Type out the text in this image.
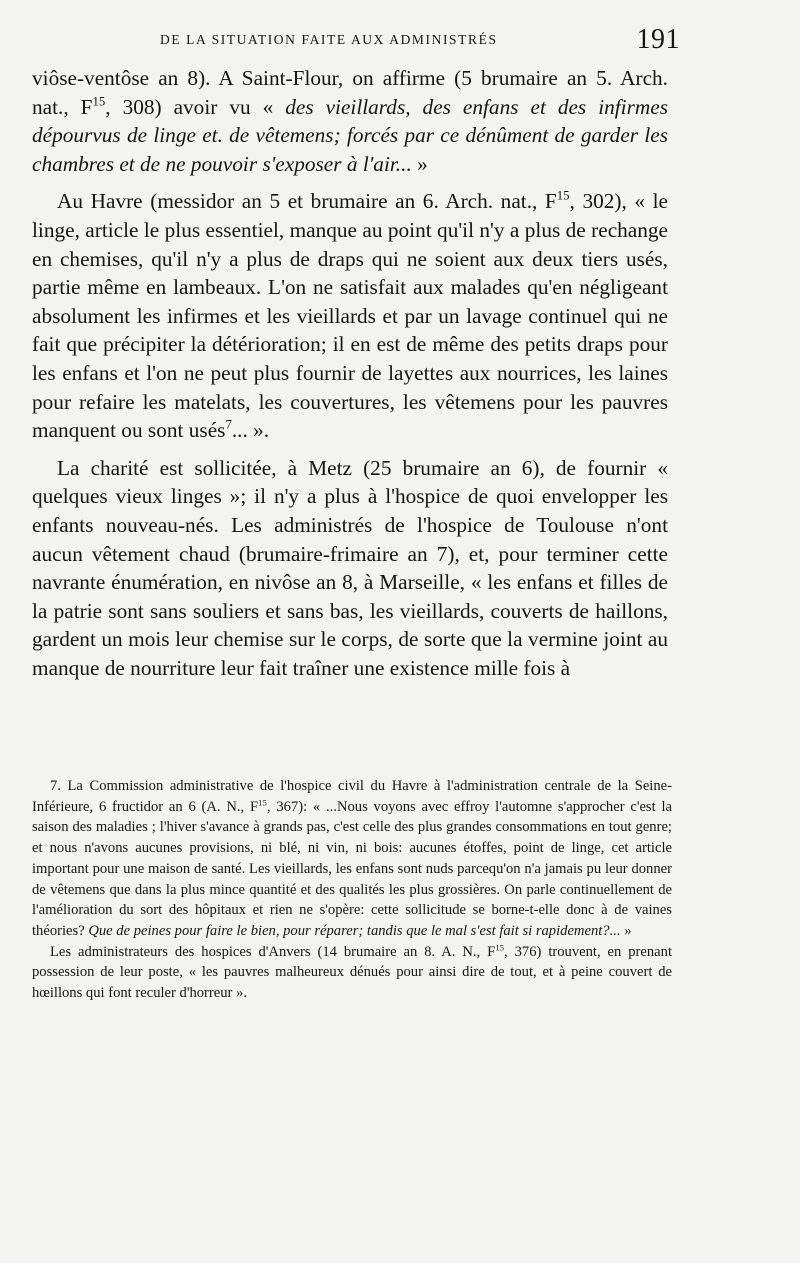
DE LA SITUATION FAITE AUX ADMINISTRÉS	191

viôse-ventôse an 8). A Saint-Flour, on affirme (5 brumaire an 5. Arch. nat., $F^{15}$, 308) avoir vu « des vieillards, des enfans et des infirmes dépourvus de linge et. de vêtemens; forcés par ce dénûment de garder les chambres et de ne pouvoir s'exposer à l'air... »

Au Havre (messidor an 5 et brumaire an 6. Arch. nat., $F^{15}$, 302), « le linge, article le plus essentiel, manque au point qu'il n'y a plus de rechange en chemises, qu'il n'y a plus de draps qui ne soient aux deux tiers usés, partie même en lambeaux. L'on ne satisfait aux malades qu'en négligeant absolument les infirmes et les vieillards et par un lavage continuel qui ne fait que précipiter la détérioration; il en est de même des petits draps pour les enfans et l'on ne peut plus fournir de layettes aux nourrices, les laines pour refaire les matelats, les couvertures, les vêtemens pour les pauvres manquent ou sont usés$^7$... ».

La charité est sollicitée, à Metz (25 brumaire an 6), de fournir « quelques vieux linges »; il n'y a plus à l'hospice de quoi envelopper les enfants nouveau-nés. Les administrés de l'hospice de Toulouse n'ont aucun vêtement chaud (brumaire-frimaire an 7), et, pour terminer cette navrante énumération, en nivôse an 8, à Marseille, « les enfans et filles de la patrie sont sans souliers et sans bas, les vieillards, couverts de haillons, gardent un mois leur chemise sur le corps, de sorte que la vermine joint au manque de nourriture leur fait traîner une existence mille fois à

7. La Commission administrative de l'hospice civil du Havre à l'administration centrale de la Seine-Inférieure, 6 fructidor an 6 (A. N., $F^{15}$, 367): « ...Nous voyons avec effroy l'automne s'approcher c'est la saison des maladies ; l'hiver s'avance à grands pas, c'est celle des plus grandes consommations en tout genre; et nous n'avons aucunes provisions, ni blé, ni vin, ni bois: aucunes étoffes, point de linge, cet article important pour une maison de santé. Les vieillards, les enfans sont nuds parcequ'on n'a jamais pu leur donner de vêtemens que dans la plus mince quantité et des qualités les plus grossières. On parle continuellement de l'amélioration du sort des hôpitaux et rien ne s'opère: cette sollicitude se borne-t-elle donc à de vaines théories? Que de peines pour faire le bien, pour réparer; tandis que le mal s'est fait si rapidement?... »

Les administrateurs des hospices d'Anvers (14 brumaire an 8. A. N., $F^{15}$, 376) trouvent, en prenant possession de leur poste, « les pauvres malheureux dénués pour ainsi dire de tout, et à peine couvert de hœillons qui font reculer d'horreur ».
